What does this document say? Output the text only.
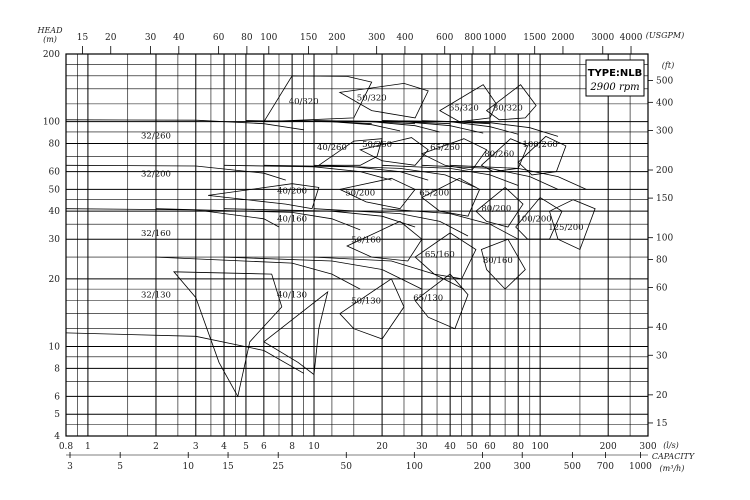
32/130
32/160
32/200
32/260
40/130
40/160
40/200
40/260
40/320
50/130
50/160
50/200
50/260
50/320
65/130
65/160
65/200
65/260
65/320
80/160
80/200
80/260
80/320
100/200
100/260
125/200
4
5
6
8
10
20
30
40
50
60
80
100
200
15
20
30
40
60
80
100
150
200
300
400
500
0.8 1	2	3	4 5 6	8 10	20	30 40 50 60 80 100	200	300
3	5	10	15	25	50	100	200	300	500 700 1000
15 20	30 40	60 80 100	150 200	300 400	600 800 1000 1500 2000 3000 4000
HEAD
(m)	(USGPM)
(ft)
(l/s)
CAPACITY
(m³/h)
TYPE:NLB
2900 rpm
